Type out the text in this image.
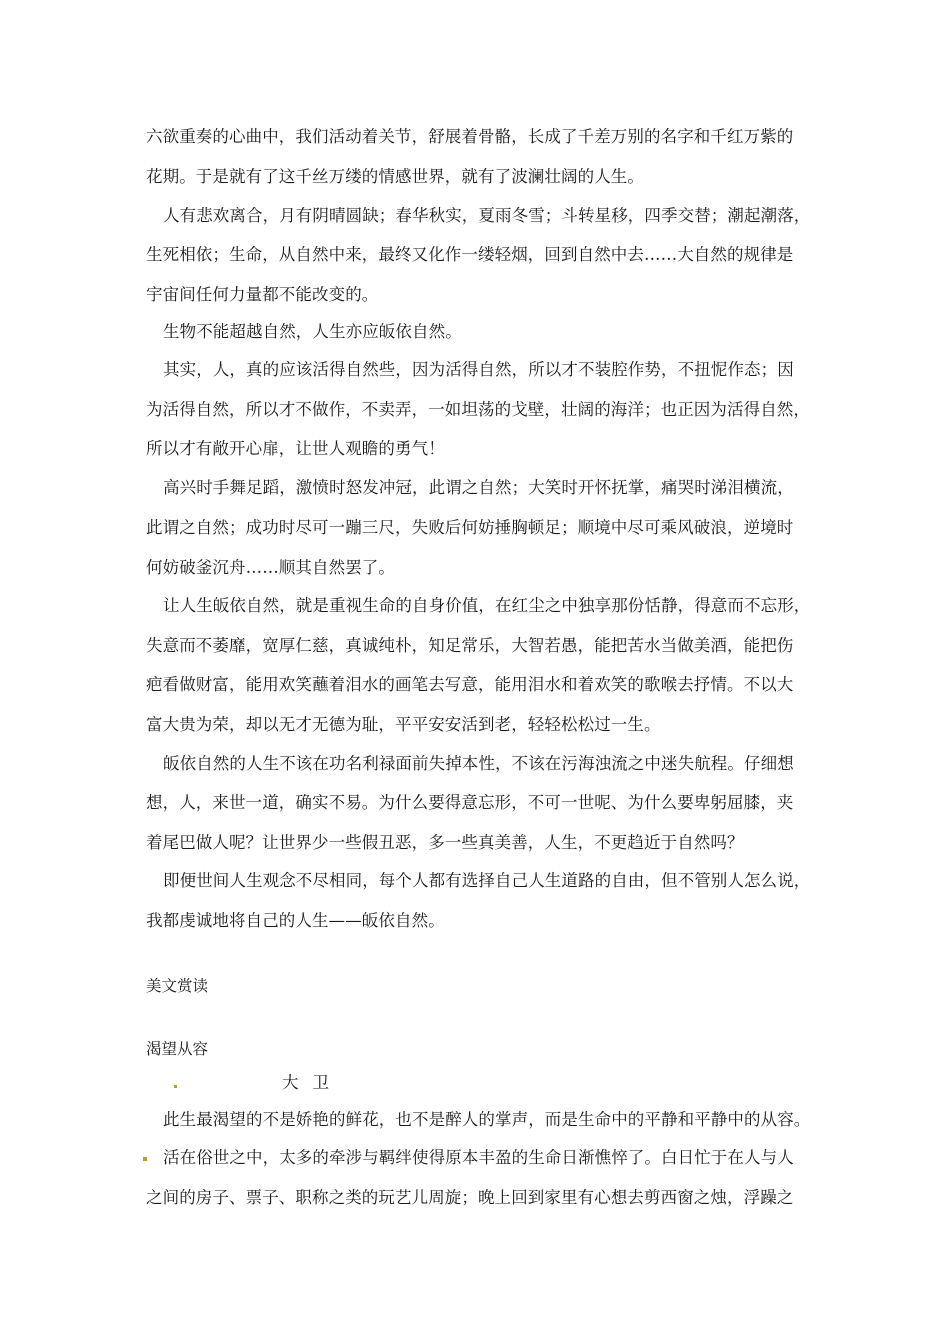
六欲重奏的心曲中，我们活动着关节，舒展着骨骼，长成了千差万别的名字和千红万紫的
花期。于是就有了这千丝万缕的情感世界，就有了波澜壮阔的人生。
人有悲欢离合，月有阴晴圆缺；春华秋实，夏雨冬雪；斗转星移，四季交替；潮起潮落，
生死相依；生命，从自然中来，最终又化作一缕轻烟，回到自然中去……大自然的规律是
宇宙间任何力量都不能改变的。
生物不能超越自然，人生亦应皈依自然。
其实，人，真的应该活得自然些，因为活得自然，所以才不装腔作势，不扭怩作态；因
为活得自然，所以才不做作，不卖弄，一如坦荡的戈壁，壮阔的海洋；也正因为活得自然，
所以才有敞开心扉，让世人观瞻的勇气！
高兴时手舞足蹈，激愤时怒发冲冠，此谓之自然；大笑时开怀抚掌，痛哭时涕泪横流，
此谓之自然；成功时尽可一蹦三尺，失败后何妨捶胸顿足；顺境中尽可乘风破浪，逆境时
何妨破釜沉舟……顺其自然罢了。
让人生皈依自然，就是重视生命的自身价值，在红尘之中独享那份恬静，得意而不忘形，
失意而不萎靡，宽厚仁慈，真诚纯朴，知足常乐，大智若愚，能把苦水当做美酒，能把伤
疤看做财富，能用欢笑蘸着泪水的画笔去写意，能用泪水和着欢笑的歌喉去抒情。不以大
富大贵为荣，却以无才无德为耻，平平安安活到老，轻轻松松过一生。
皈依自然的人生不该在功名利禄面前失掉本性，不该在污海浊流之中迷失航程。仔细想
想，人，来世一道，确实不易。为什么要得意忘形，不可一世呢、为什么要卑躬屈膝，夹
着尾巴做人呢？让世界少一些假丑恶，多一些真美善，人生，不更趋近于自然吗？
即便世间人生观念不尽相同，每个人都有选择自己人生道路的自由，但不管别人怎么说，
我都虔诚地将自己的人生——皈依自然。
美文赏读
渴望从容
大卫
此生最渴望的不是娇艳的鲜花，也不是醉人的掌声，而是生命中的平静和平静中的从容。
活在俗世之中，太多的牵涉与羁绊使得原本丰盈的生命日渐憔悴了。白日忙于在人与人
之间的房子、票子、职称之类的玩艺儿周旋；晚上回到家里有心想去剪西窗之烛，浮躁之
